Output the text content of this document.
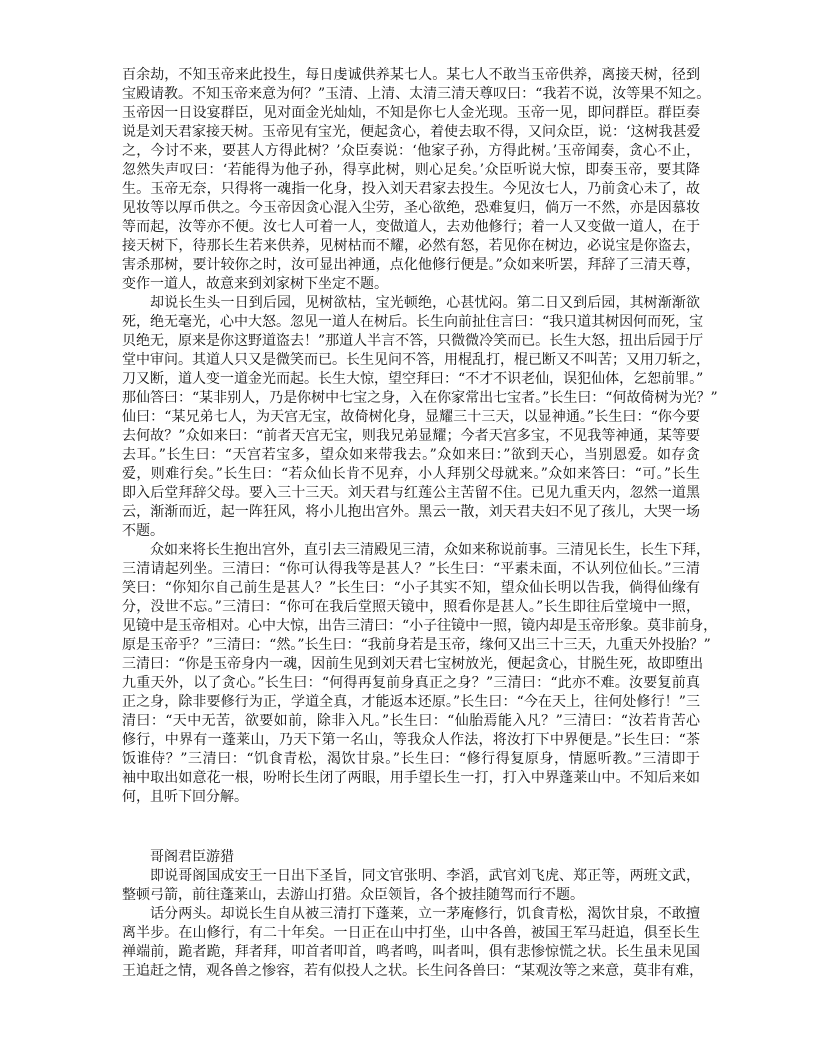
百余劫，不知玉帝来此投生，每日虔诚供养某七人。某七人不敢当玉帝供养，离接天树，径到
宝殿请教。不知玉帝来意为何？”玉清、上清、太清三清天尊叹曰：“我若不说，汝等果不知之。
玉帝因一日设宴群臣，见对面金光灿灿，不知是你七人金光现。玉帝一见，即问群臣。群臣奏
说是刘天君家接天树。玉帝见有宝光，便起贪心，着使去取不得，又问众臣，说：‘这树我甚爱
之，今讨不来，要甚人方得此树？’众臣奏说：‘他家子孙，方得此树。’玉帝闻奏，贪心不止，
忽然失声叹曰：‘若能得为他子孙，得享此树，则心足矣。’众臣听说大惊，即奏玉帝，要其降
生。玉帝无奈，只得将一魂指一化身，投入刘天君家去投生。今见汝七人，乃前贪心未了，故
见妆等以厚币供之。今玉帝因贪心混入尘劳，圣心欲绝，恐难复归，倘万一不然，亦是因慕妆
等而起，汝等亦不便。汝七人可着一人，变做道人，去劝他修行；着一人又变做一道人，在于
接天树下，待那长生若来供养，见树枯而不耀，必然有怒，若见你在树边，必说宝是你盗去，
害杀那树，要计较你之时，汝可显出神通，点化他修行便是。”众如来听罢，拜辞了三清天尊，
变作一道人，故意来到刘家树下坐定不题。
却说长生头一日到后园，见树欲枯，宝光顿绝，心甚忧闷。第二日又到后园，其树渐渐欲
死，绝无毫光，心中大怒。忽见一道人在树后。长生向前扯住言曰：“我只道其树因何而死，宝
贝绝无，原来是你这野道盗去！”那道人半言不答，只微微冷笑而已。长生大怒，扭出后园于厅
堂中审问。其道人只又是微笑而已。长生见问不答，用棍乱打，棍已断又不叫苦；又用刀斩之，
刀又断，道人变一道金光而起。长生大惊，望空拜曰：“不才不识老仙，误犯仙体，乞恕前罪。”
那仙答曰：“某非别人，乃是你树中七宝之身，入在你家常出七宝者。”长生曰：“何故倚树为光？”
仙曰：“某兄弟七人，为天宫无宝，故倚树化身，显耀三十三天，以显神通。”长生曰：“你今要
去何故？”众如来曰：“前者天宫无宝，则我兄弟显耀；今者天宫多宝，不见我等神通，某等要
去耳。”长生曰：“天宫若宝多，望众如来带我去。”众如来曰：”欲到天心，当别恩爱。如存贪
爱，则难行矣。”长生曰：“若众仙长肯不见弃，小人拜别父母就来。”众如来答曰：“可。”长生
即入后堂拜辞父母。要入三十三天。刘天君与红莲公主苦留不住。已见九重天内，忽然一道黑
云，渐渐而近，起一阵狂风，将小儿抱出宫外。黑云一散，刘天君夫妇不见了孩儿，大哭一场
不题。
众如来将长生抱出宫外，直引去三清殿见三清，众如来称说前事。三清见长生，长生下拜，
三清请起列坐。三清曰：“你可认得我等是甚人？”长生曰：“平素未面，不认列位仙长。”三清
笑曰：“你知尔自己前生是甚人？”长生曰：“小子其实不知，望众仙长明以告我，倘得仙缘有
分，没世不忘。”三清曰：“你可在我后堂照天镜中，照看你是甚人。”长生即往后堂境中一照，
见镜中是玉帝相对。心中大惊，出告三清曰：“小子往镜中一照，镜内却是玉帝形象。莫非前身，
原是玉帝乎？”三清曰：“然。”长生曰：“我前身若是玉帝，缘何又出三十三天，九重天外投胎？”
三清曰：“你是玉帝身内一魂，因前生见到刘天君七宝树放光，便起贪心，甘脱生死，故即堕出
九重天外，以了贪心。”长生曰：“何得再复前身真正之身？”三清曰：“此亦不难。汝要复前真
正之身，除非要修行为正，学道全真，才能返本还原。”长生曰：“今在天上，往何处修行！”三
清曰：“天中无苦，欲要如前，除非入凡。”长生曰：“仙胎焉能入凡？”三清曰：“汝若肯苦心
修行，中界有一蓬莱山，乃天下第一名山，等我众人作法，将汝打下中界便是。”长生曰：“茶
饭谁侍？”三清曰：“饥食青松，渴饮甘泉。”长生曰：“修行得复原身，情愿听教。”三清即于
袖中取出如意花一根，吩咐长生闭了两眼，用手望长生一打，打入中界蓬莱山中。不知后来如
何，且听下回分解。
哥阁君臣游猎
即说哥阁国成安王一日出下圣旨，同文官张明、李滔，武官刘飞虎、郑正等，两班文武，
整顿弓箭，前往蓬莱山，去游山打猎。众臣领旨，各个披挂随驾而行不题。
话分两头。却说长生自从被三清打下蓬莱，立一茅庵修行，饥食青松，渴饮甘泉，不敢擅
离半步。在山修行，有二十年矣。一日正在山中打坐，山中各兽，被国王军马赶追，俱至长生
禅端前，跪者跪，拜者拜，叩首者叩首，鸣者鸣，叫者叫，俱有悲惨惊慌之状。长生虽未见国
王追赶之情，观各兽之惨容，若有似投人之状。长生问各兽曰：“某观汝等之来意，莫非有难，
